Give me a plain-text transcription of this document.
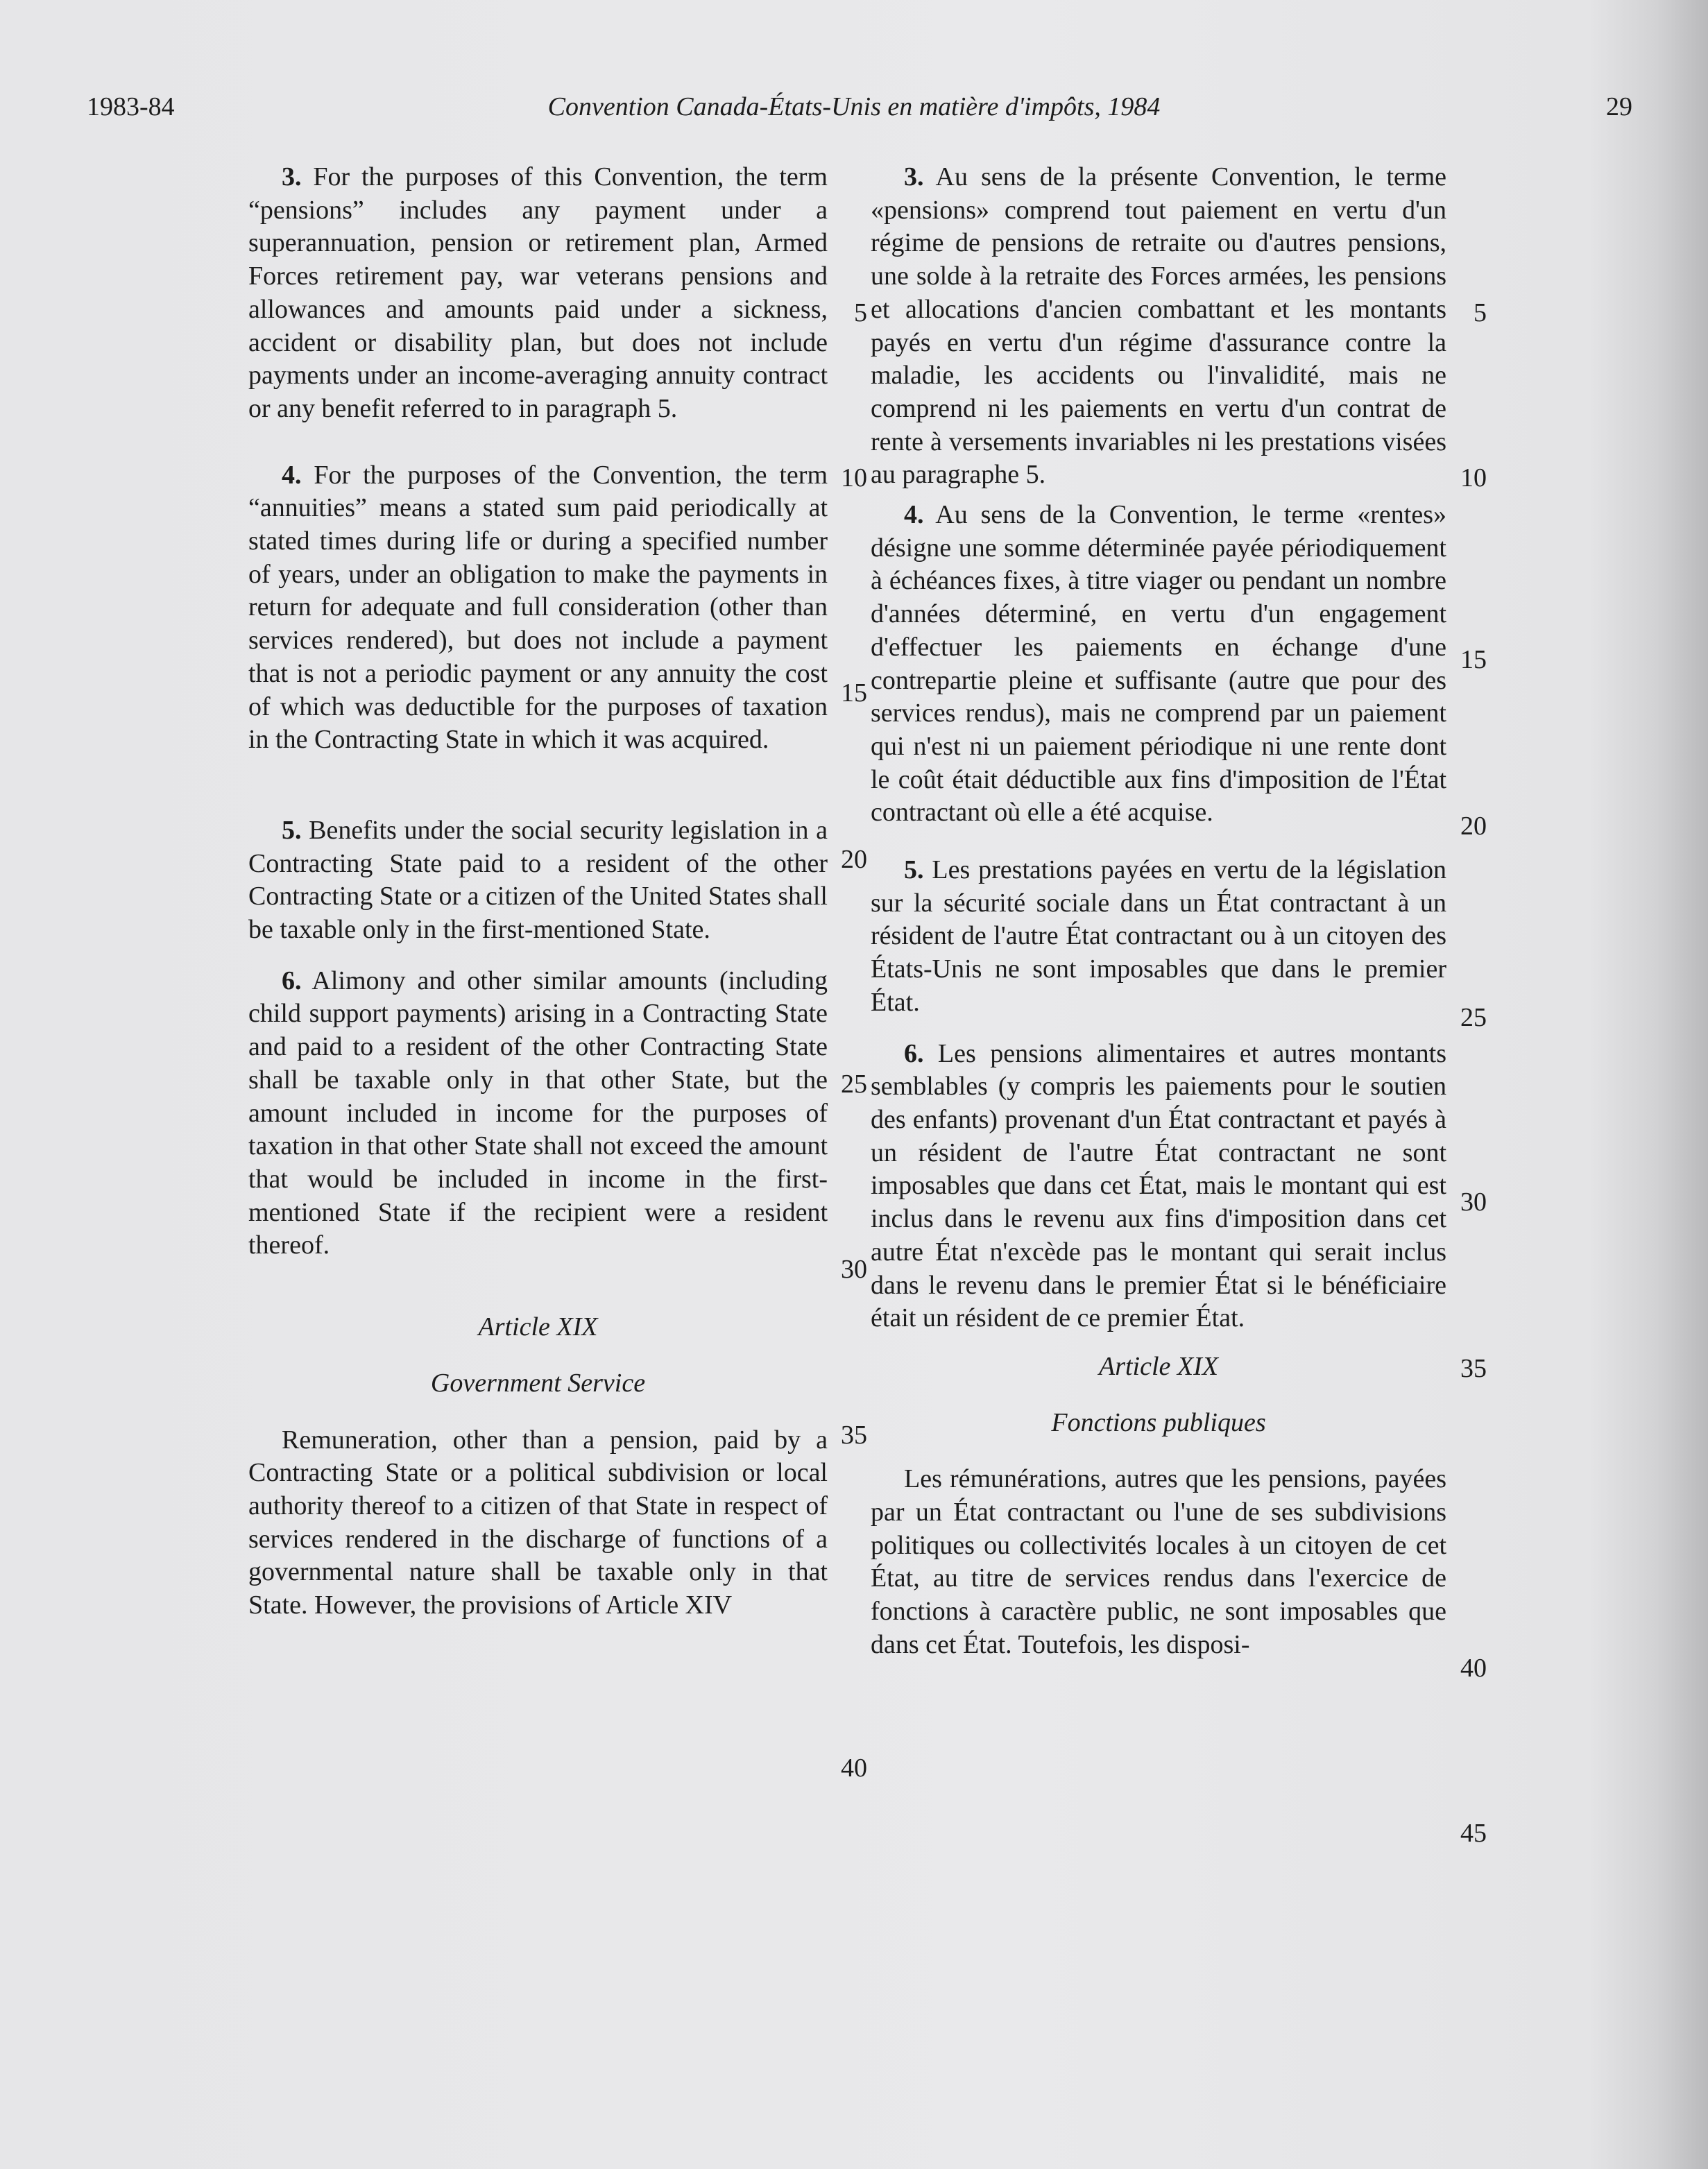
1983-84	Convention Canada-États-Unis en matière d'impôts, 1984	29

3. For the purposes of this Convention, the term “pensions” includes any payment under a superannuation, pension or retirement plan, Armed Forces retirement pay, war veterans pensions and allowances and amounts paid under a sickness, accident or disability plan, but does not include payments under an income-averaging annuity contract or any benefit referred to in paragraph 5.

4. For the purposes of the Convention, the term “annuities” means a stated sum paid periodically at stated times during life or during a specified number of years, under an obligation to make the payments in return for adequate and full consideration (other than services rendered), but does not include a payment that is not a periodic payment or any annuity the cost of which was deductible for the purposes of taxation in the Contracting State in which it was acquired.

5. Benefits under the social security legislation in a Contracting State paid to a resident of the other Contracting State or a citizen of the United States shall be taxable only in the first-mentioned State.

6. Alimony and other similar amounts (including child support payments) arising in a Contracting State and paid to a resident of the other Contracting State shall be taxable only in that other State, but the amount included in income for the purposes of taxation in that other State shall not exceed the amount that would be included in income in the first-mentioned State if the recipient were a resident thereof.

Article XIX

Government Service

Remuneration, other than a pension, paid by a Contracting State or a political subdivision or local authority thereof to a citizen of that State in respect of services rendered in the discharge of functions of a governmental nature shall be taxable only in that State. However, the provisions of Article XIV

3. Au sens de la présente Convention, le terme «pensions» comprend tout paiement en vertu d'un régime de pensions de retraite ou d'autres pensions, une solde à la retraite des Forces armées, les pensions et allocations d'ancien combattant et les montants payés en vertu d'un régime d'assurance contre la maladie, les accidents ou l'invalidité, mais ne comprend ni les paiements en vertu d'un contrat de rente à versements invariables ni les prestations visées au paragraphe 5.

4. Au sens de la Convention, le terme «rentes» désigne une somme déterminée payée périodiquement à échéances fixes, à titre viager ou pendant un nombre d'années déterminé, en vertu d'un engagement d'effectuer les paiements en échange d'une contrepartie pleine et suffisante (autre que pour des services rendus), mais ne comprend par un paiement qui n'est ni un paiement périodique ni une rente dont le coût était déductible aux fins d'imposition de l'État contractant où elle a été acquise.

5. Les prestations payées en vertu de la législation sur la sécurité sociale dans un État contractant à un résident de l'autre État contractant ou à un citoyen des États-Unis ne sont imposables que dans le premier État.

6. Les pensions alimentaires et autres montants semblables (y compris les paiements pour le soutien des enfants) provenant d'un État contractant et payés à un résident de l'autre État contractant ne sont imposables que dans cet État, mais le montant qui est inclus dans le revenu aux fins d'imposition dans cet autre État n'excède pas le montant qui serait inclus dans le revenu dans le premier État si le bénéficiaire était un résident de ce premier État.

Article XIX

Fonctions publiques

Les rémunérations, autres que les pensions, payées par un État contractant ou l'une de ses subdivisions politiques ou collectivités locales à un citoyen de cet État, au titre de services rendus dans l'exercice de fonctions à caractère public, ne sont imposables que dans cet État. Toutefois, les disposi-

5
10
15
20
25
30
35
40
5
10
15
20
25
30
35
40
45
